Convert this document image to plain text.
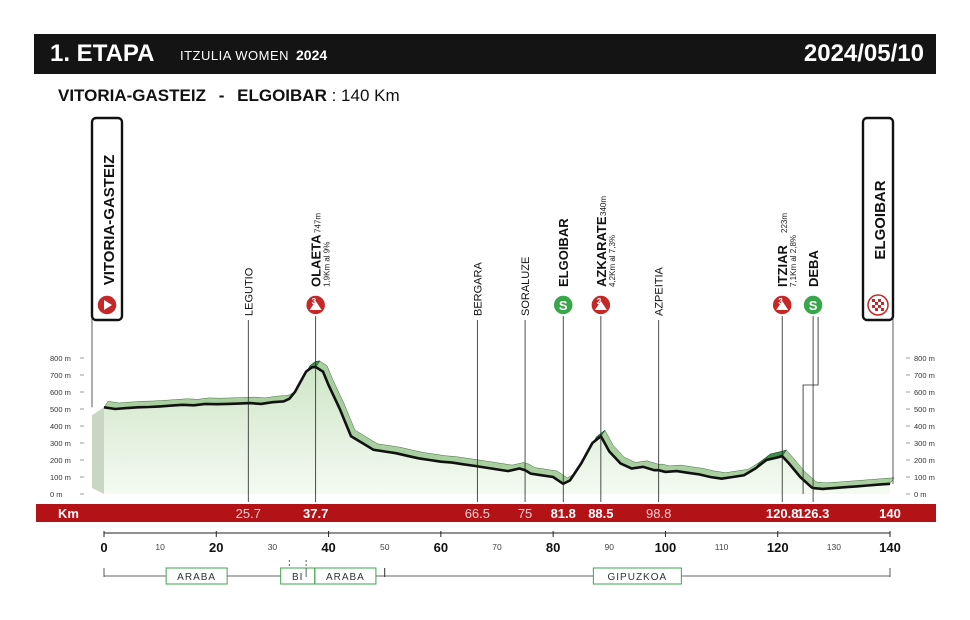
1. ETAPA ITZULIA WOMEN 2024	2024/05/10
VITORIA-GASTEIZ - ELGOIBAR : 140 Km
0 m	0 m
100 m	100 m
200 m	200 m
300 m	300 m
400 m	400 m
500 m	500 m
600 m	600 m
700 m	700 m
800 m	800 m
Km	25.7	37.7	66.5 75 81.8 88.5	98.8	120.8
126.3	140
VITORIA-GASTEIZ
LEGUTIO	3
OLAETA
747m
1,9Km al 9%	BERGARA	SORALUZE S
ELGOIBAR
2
AZKARATE
340m
4,2Km al 7,3%
AZPEITIA	3
ITZIAR
223m
7,1Km al 2,8%
S
DEBA
ELGOIBAR
0	20	40	60	80	100	120	140
10	30	50	70	90	110	130
ARABA	BI ARABA	GIPUZKOA
